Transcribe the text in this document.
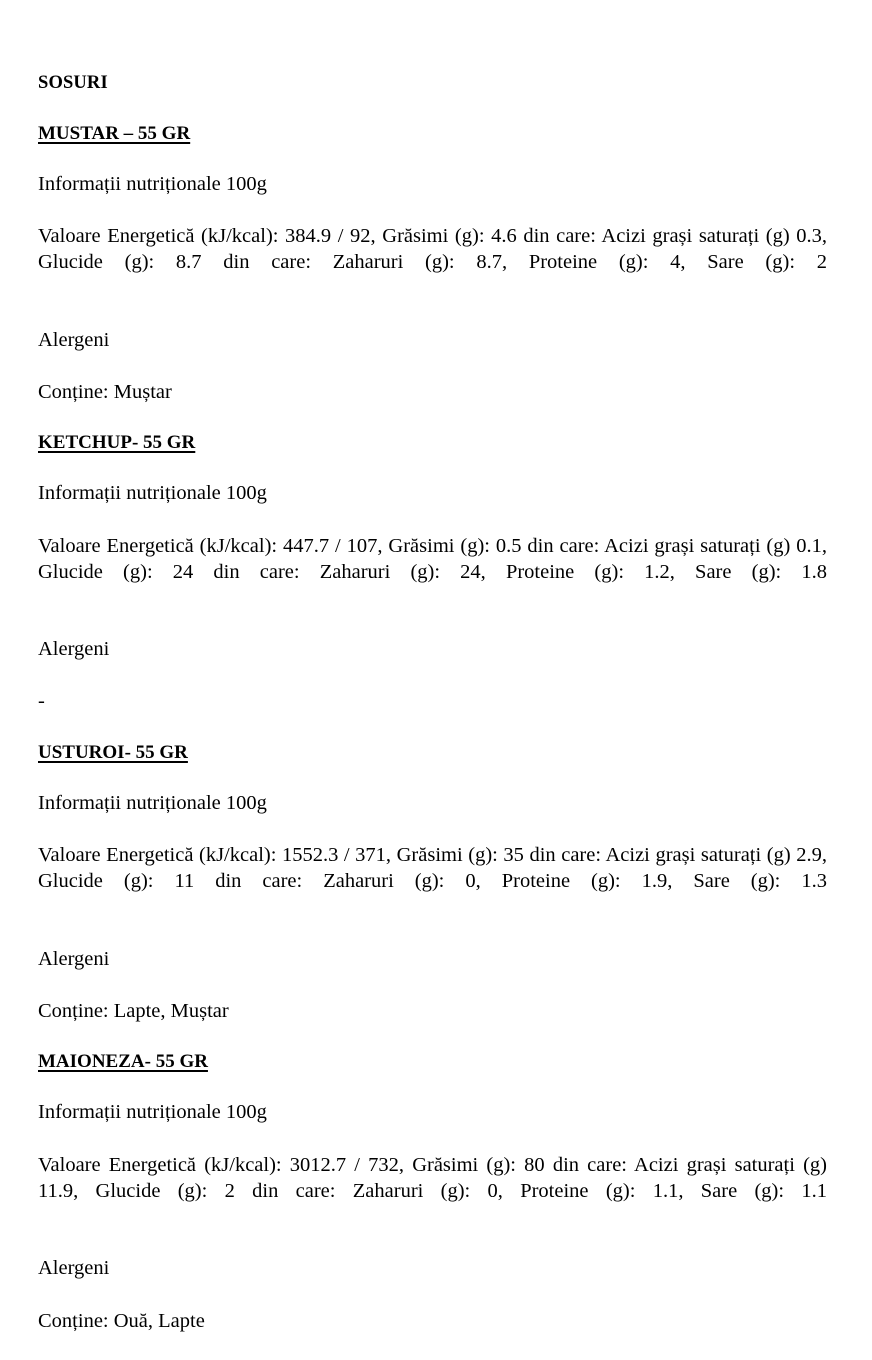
SOSURI
MUSTAR – 55 GR

Informații nutriționale 100g

Valoare Energetică (kJ/kcal): 384.9 / 92, Grăsimi (g): 4.6 din care: Acizi grași saturați (g) 0.3, Glucide (g): 8.7 din care: Zaharuri (g): 8.7, Proteine (g): 4, Sare (g): 2

Alergeni

Conține: Muștar

KETCHUP- 55 GR

Informații nutriționale 100g

Valoare Energetică (kJ/kcal): 447.7 / 107, Grăsimi (g): 0.5 din care: Acizi grași saturați (g) 0.1, Glucide (g): 24 din care: Zaharuri (g): 24, Proteine (g): 1.2, Sare (g): 1.8

Alergeni

-

USTUROI- 55 GR

Informații nutriționale 100g

Valoare Energetică (kJ/kcal): 1552.3 / 371, Grăsimi (g): 35 din care: Acizi grași saturați (g) 2.9, Glucide (g): 11 din care: Zaharuri (g): 0, Proteine (g): 1.9, Sare (g): 1.3

Alergeni

Conține: Lapte, Muștar

MAIONEZA- 55 GR

Informații nutriționale 100g

Valoare Energetică (kJ/kcal): 3012.7 / 732, Grăsimi (g): 80 din care: Acizi grași saturați (g) 11.9, Glucide (g): 2 din care: Zaharuri (g): 0, Proteine (g): 1.1, Sare (g): 1.1

Alergeni

Conține: Ouă, Lapte
